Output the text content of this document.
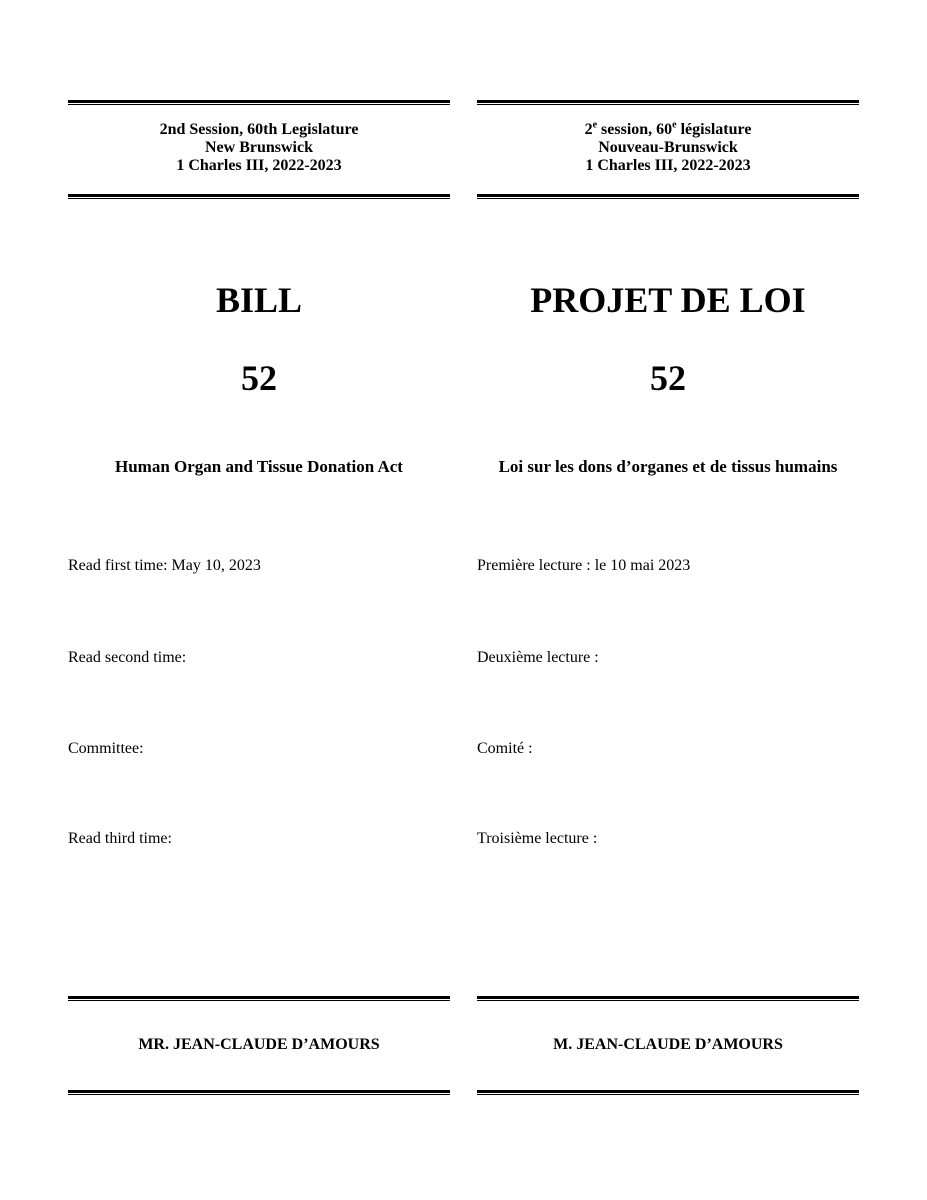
2nd Session, 60th Legislature
New Brunswick
1 Charles III, 2022-2023
BILL
52
Human Organ and Tissue Donation Act
Read first time: May 10, 2023
Read second time:
Committee:
Read third time:
MR. JEAN-CLAUDE D’AMOURS
2e session, 60e législature
Nouveau-Brunswick
1 Charles III, 2022-2023
PROJET DE LOI
52
Loi sur les dons d’organes et de tissus humains
Première lecture : le 10 mai 2023
Deuxième lecture :
Comité :
Troisième lecture :
M. JEAN-CLAUDE D’AMOURS
